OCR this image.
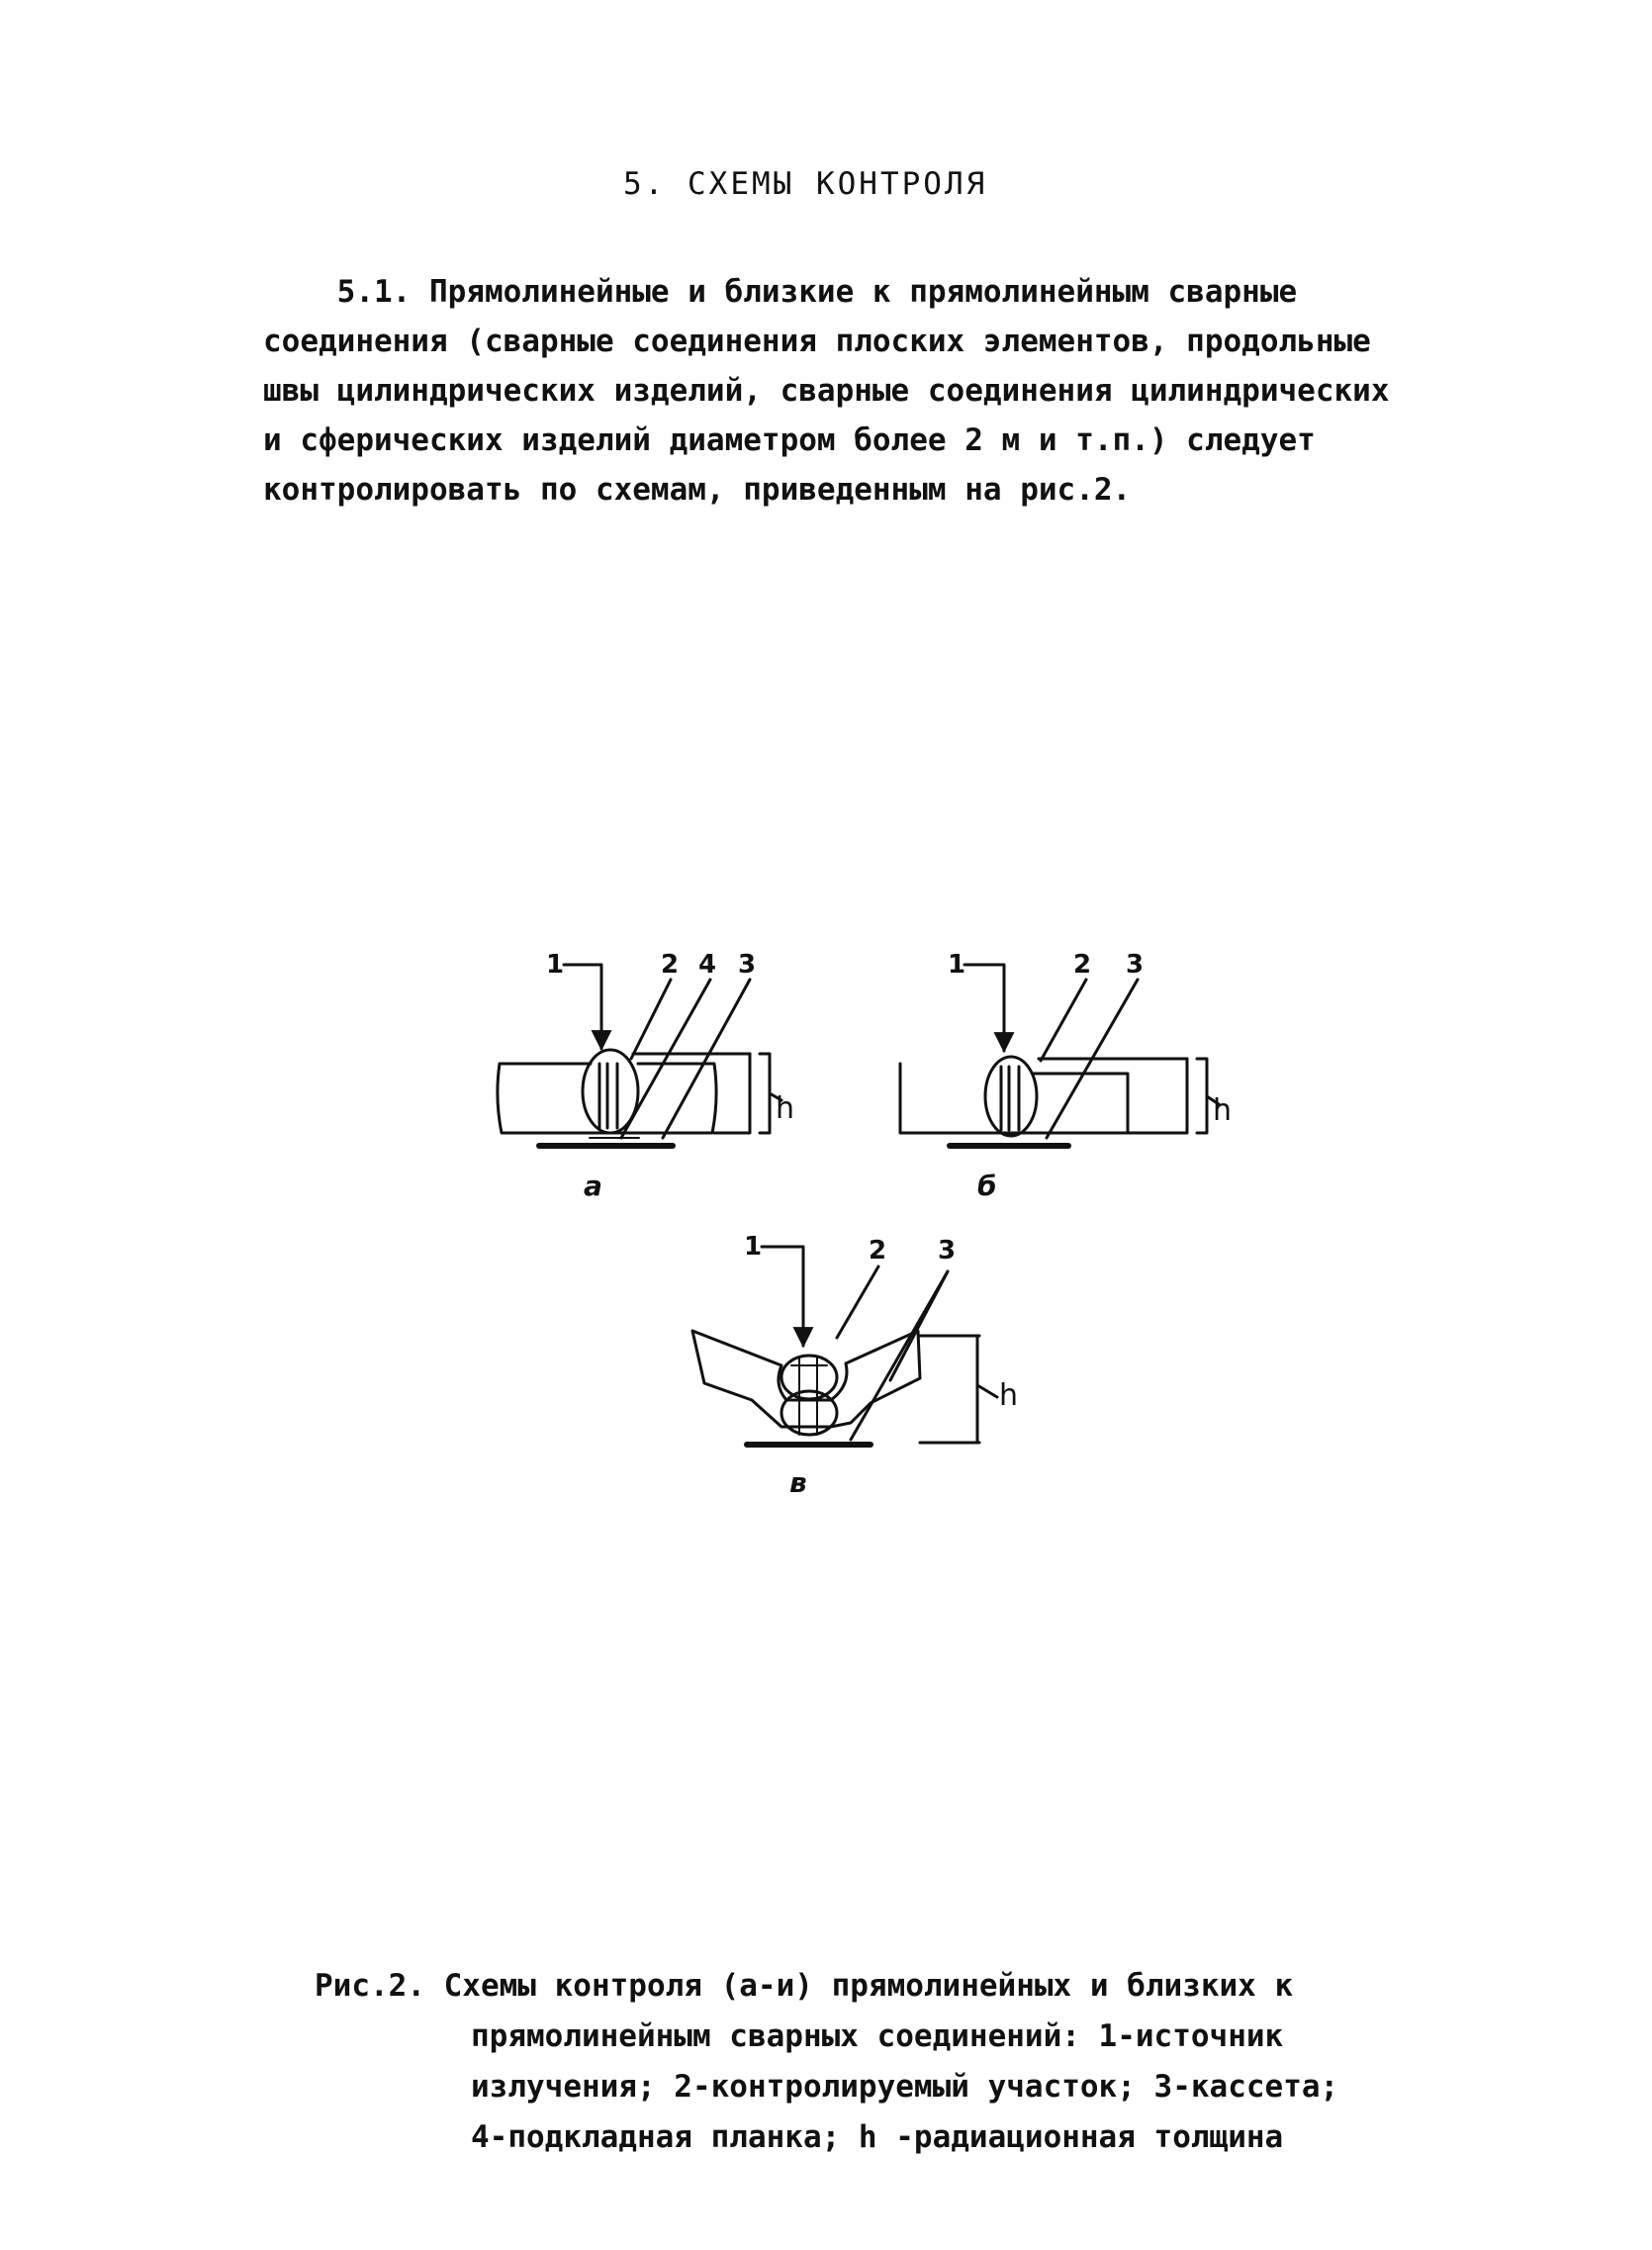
5. СХЕМЫ КОНТРОЛЯ
5.1. Прямолинейные и близкие к прямолинейным сварные
соединения (сварные соединения плоских элементов, продольные
швы цилиндрических изделий, сварные соединения цилиндрических
и сферических изделий диаметром более 2 м и т.п.) следует
контролировать по схемам, приведенным на рис.2.
1	2 4 3
h
а
1	2 3
h
б
1	2 3
h
в
Рис.2. Схемы контроля (а-и) прямолинейных и близких к
прямолинейным сварных соединений: 1-источник
излучения; 2-контролируемый участок; 3-кассета;
4-подкладная планка; h -радиационная толщина
